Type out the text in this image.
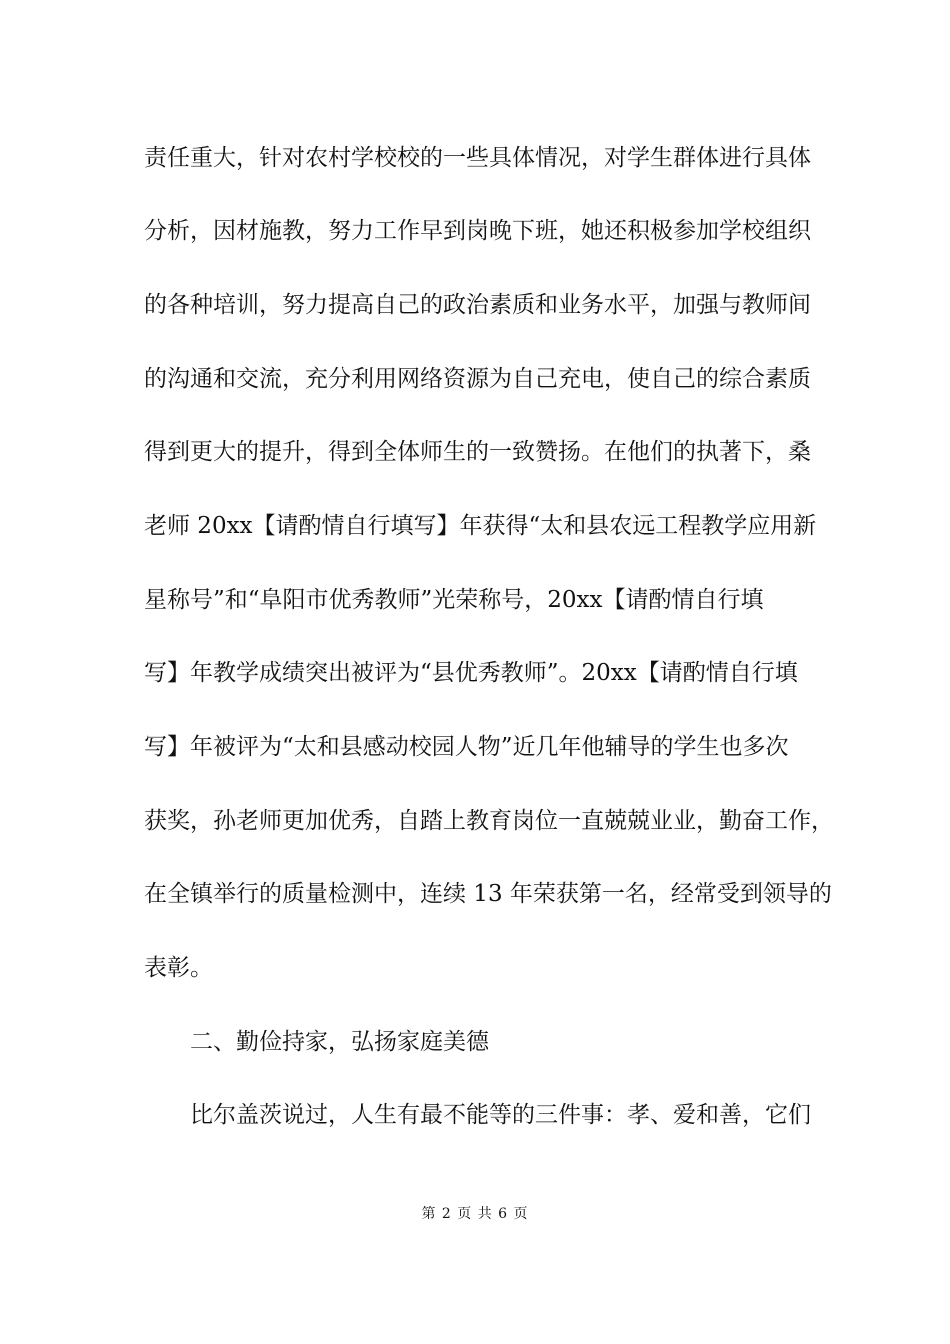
责任重大，针对农村学校校的一些具体情况，对学生群体进行具体
分析，因材施教，努力工作早到岗晚下班，她还积极参加学校组织
的各种培训，努力提高自己的政治素质和业务水平，加强与教师间
的沟通和交流，充分利用网络资源为自己充电，使自己的综合素质
得到更大的提升，得到全体师生的一致赞扬。在他们的执著下，桑
老师 20xx【请酌情自行填写】年获得“太和县农远工程教学应用新
星称号”和“阜阳市优秀教师”光荣称号，20xx【请酌情自行填
写】年教学成绩突出被评为“县优秀教师”。20xx【请酌情自行填
写】年被评为“太和县感动校园人物”近几年他辅导的学生也多次
获奖，孙老师更加优秀，自踏上教育岗位一直兢兢业业，勤奋工作，
在全镇举行的质量检测中，连续 13 年荣获第一名，经常受到领导的
表彰。
二、勤俭持家，弘扬家庭美德
比尔盖茨说过，人生有最不能等的三件事：孝、爱和善，它们
第 2 页 共 6 页
